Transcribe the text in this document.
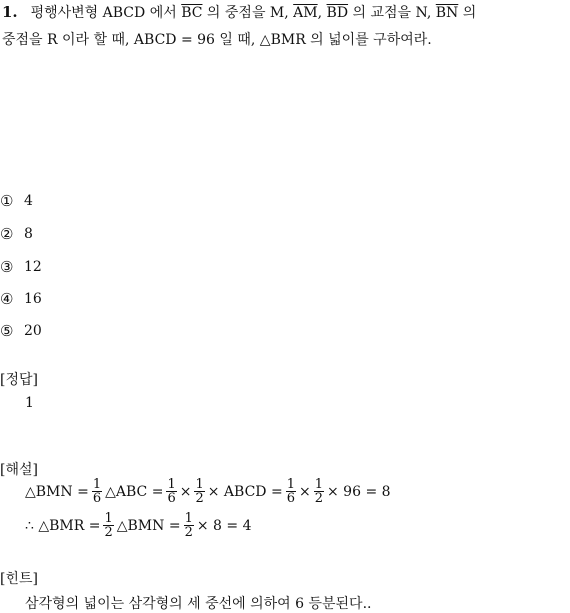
1. 평행사변형 ABCD 에서 $\overline{BC}$ 의 중점을 M, $\overline{AM}$, $\overline{BD}$ 의 교점을 N, $\overline{BN}$ 의
중점을 R 이라 할 때, ABCD = 96 일 때, △BMR 의 넓이를 구하여라.
① 4
② 8
③ 12
④ 16
⑤ 20
[정답]
1
[해설]
△BMN = $\frac{1}{6}$ △ABC = $\frac{1}{6} \times \frac{1}{2}$ × ABCD = $\frac{1}{6} \times \frac{1}{2} \times 96 = 8$
∴ △BMR = $\frac{1}{2}$ △BMN = $\frac{1}{2} \times 8 = 4$
[힌트]
삼각형의 넓이는 삼각형의 세 중선에 의하여 6 등분된다..
